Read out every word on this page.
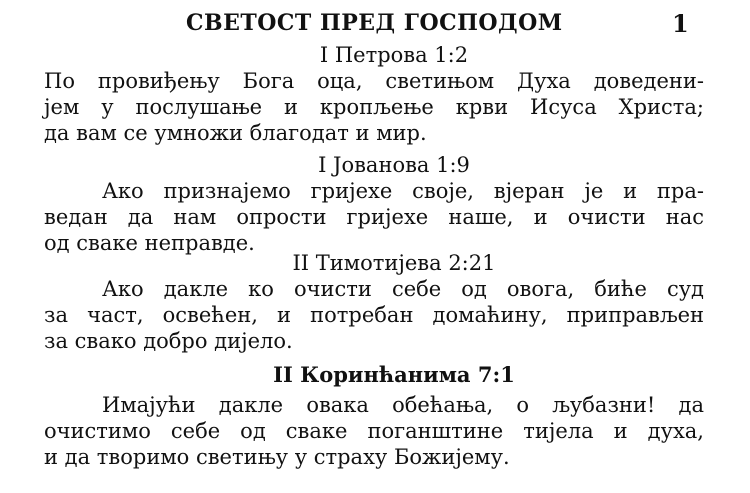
СВЕТОСТ ПРЕД ГОСПОДОМ	1
I Петрова 1:2
По провиђењу Бога оца, светињом Духа доведени-
јем у послушање и кропљење крви Исуса Христа;
да вам се умножи благодат и мир.
I Јованова 1:9
Ако признајемо гријехе своје, вјеран је и пра-
ведан да нам опрости гријехе наше, и очисти нас
од сваке неправде.
II Тимотијева 2:21
Ако дакле ко очисти себе од овога, биће суд
за част, освећен, и потребан домаћину, приправљен
за свако добро дијело.
II Коринћанима 7:1
Имајући дакле овака обећања, о љубазни! да
очистимо себе од сваке поганштине тијела и духа,
и да творимо светињу у страху Божијему.
